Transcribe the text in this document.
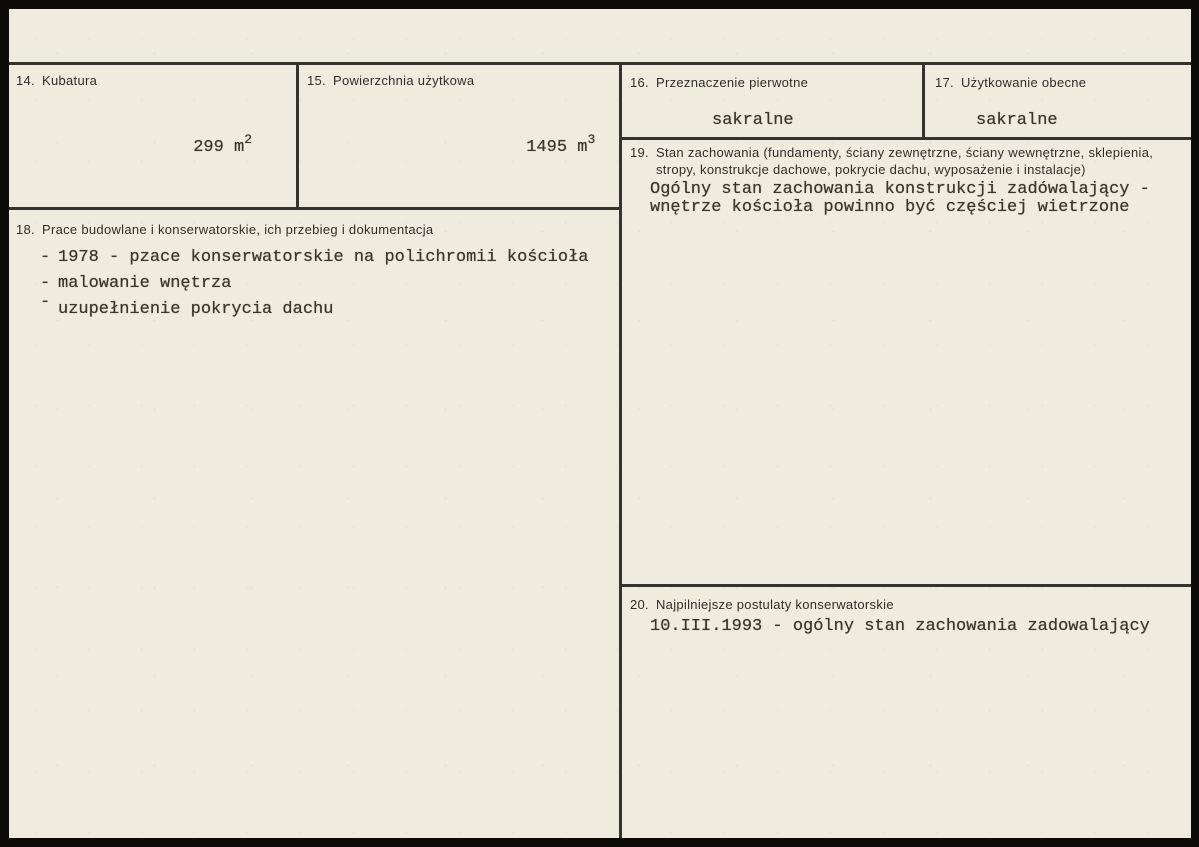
14. Kubatura

299 $m^2$

15. Powierzchnia użytkowa

1495 $m^3$

16. Przeznaczenie pierwotne
sakralne
17. Użytkowanie obecne
sakralne
18. Prace budowlane i konserwatorskie, ich przebieg i dokumentacja
- 1978 - pzace konserwatorskie na polichromii kościoła
- malowanie wnętrza
- uzupełnienie pokrycia dachu
19. Stan zachowania (fundamenty, ściany zewnętrzne, ściany wewnętrzne, sklepienia,
stropy, konstrukcje dachowe, pokrycie dachu, wyposażenie i instalacje)
Ogólny stan zachowania konstrukcji zadówalający -
wnętrze kościoła powinno być częściej wietrzone
20. Najpilniejsze postulaty konserwatorskie
10.III.1993 - ogólny stan zachowania zadowalający
